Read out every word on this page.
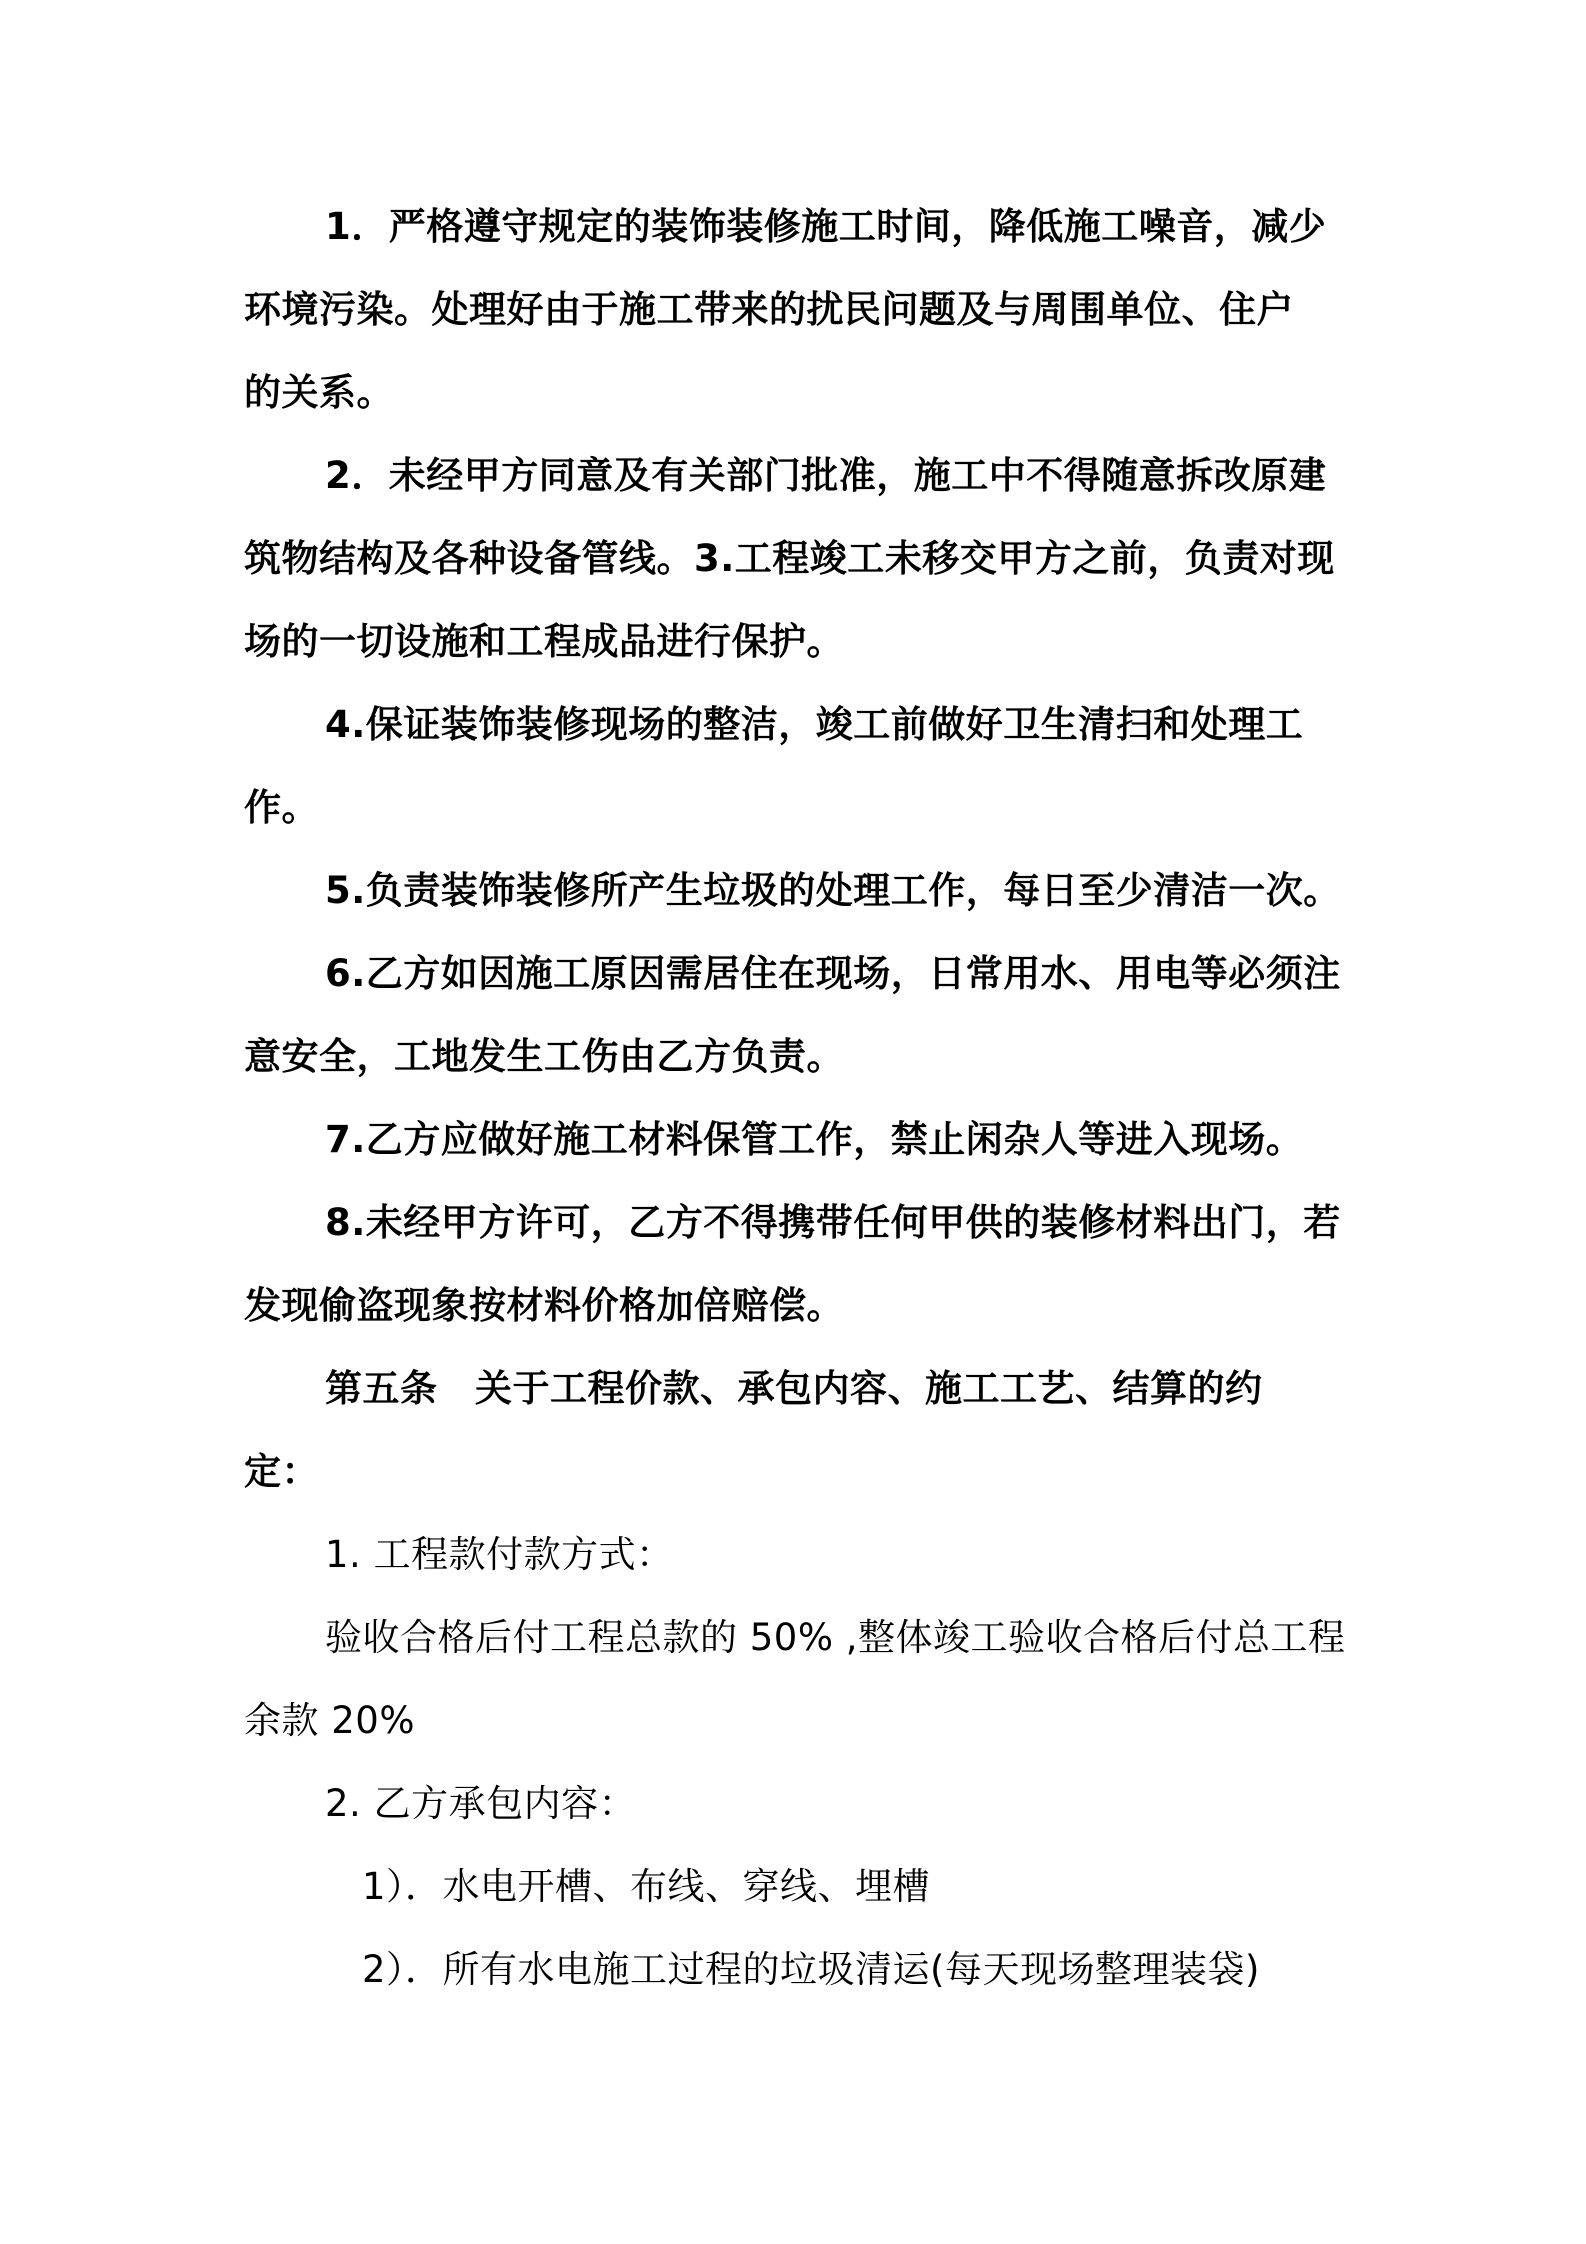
1．严格遵守规定的装饰装修施工时间，降低施工噪音，减少
环境污染。处理好由于施工带来的扰民问题及与周围单位、住户
的关系。
2．未经甲方同意及有关部门批准，施工中不得随意拆改原建
筑物结构及各种设备管线。3.工程竣工未移交甲方之前，负责对现
场的一切设施和工程成品进行保护。
4.保证装饰装修现场的整洁，竣工前做好卫生清扫和处理工
作。
5.负责装饰装修所产生垃圾的处理工作，每日至少清洁一次。
6.乙方如因施工原因需居住在现场，日常用水、用电等必须注
意安全，工地发生工伤由乙方负责。
7.乙方应做好施工材料保管工作，禁止闲杂人等进入现场。
8.未经甲方许可，乙方不得携带任何甲供的装修材料出门，若
发现偷盗现象按材料价格加倍赔偿。
第五条　关于工程价款、承包内容、施工工艺、结算的约
定：
1. 工程款付款方式：
验收合格后付工程总款的 50% ,整体竣工验收合格后付总工程
余款 20%
2. 乙方承包内容：
1）．水电开槽、布线、穿线、埋槽
2）．所有水电施工过程的垃圾清运(每天现场整理装袋)
